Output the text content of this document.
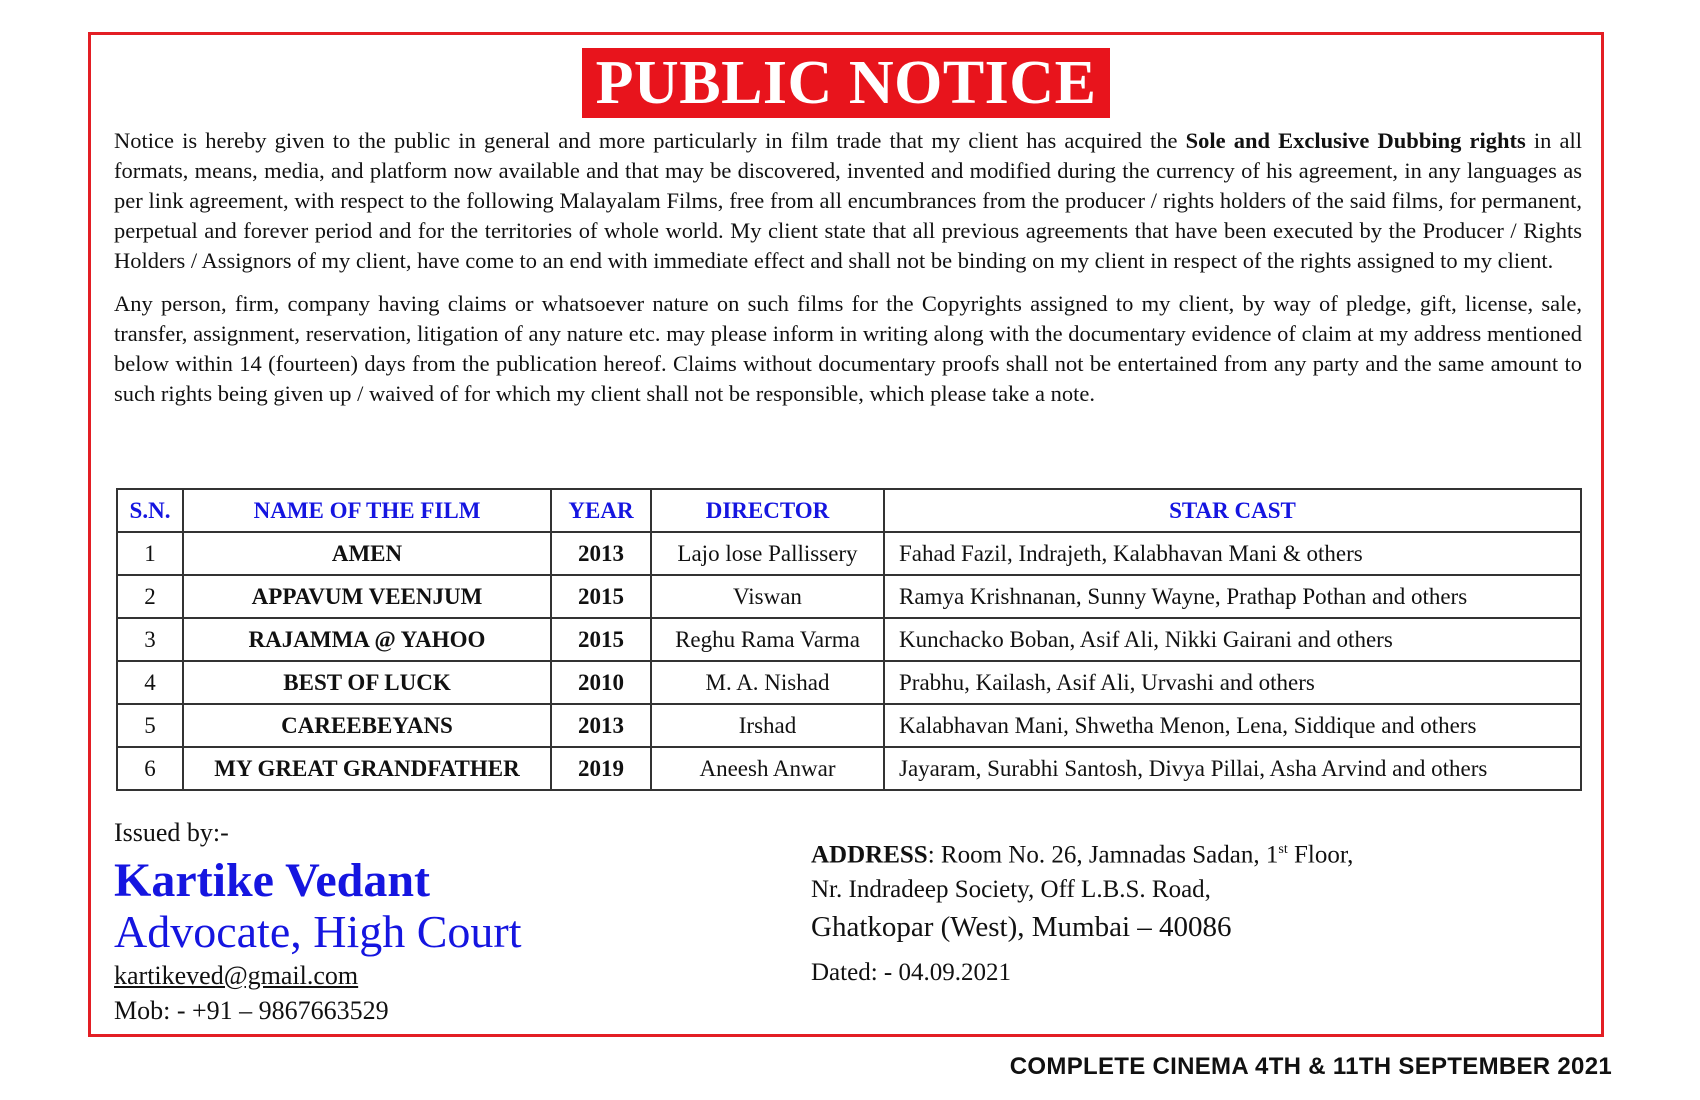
PUBLIC NOTICE

Notice is hereby given to the public in general and more particularly in film trade that my client has acquired the Sole and Exclusive Dubbing rights in all formats, means, media, and platform now available and that may be discovered, invented and modified during the currency of his agreement, in any languages as per link agreement, with respect to the following Malayalam Films, free from all encumbrances from the producer / rights holders of the said films, for permanent, perpetual and forever period and for the territories of whole world. My client state that all previous agreements that have been executed by the Producer / Rights Holders / Assignors of my client, have come to an end with immediate effect and shall not be binding on my client in respect of the rights assigned to my client.

Any person, firm, company having claims or whatsoever nature on such films for the Copyrights assigned to my client, by way of pledge, gift, license, sale, transfer, assignment, reservation, litigation of any nature etc. may please inform in writing along with the documentary evidence of claim at my address mentioned below within 14 (fourteen) days from the publication hereof. Claims without documentary proofs shall not be entertained from any party and the same amount to such rights being given up / waived of for which my client shall not be responsible, which please take a note.

S.N.	NAME OF THE FILM	YEAR	DIRECTOR	STAR CAST
1	AMEN	2013	Lajo lose Pallissery	Fahad Fazil, Indrajeth, Kalabhavan Mani & others
2	APPAVUM VEENJUM	2015	Viswan	Ramya Krishnanan, Sunny Wayne, Prathap Pothan and others
3	RAJAMMA @ YAHOO	2015	Reghu Rama Varma	Kunchacko Boban, Asif Ali, Nikki Gairani and others
4	BEST OF LUCK	2010	M. A. Nishad	Prabhu, Kailash, Asif Ali, Urvashi and others
5	CAREEBEYANS	2013	Irshad	Kalabhavan Mani, Shwetha Menon, Lena, Siddique and others
6	MY GREAT GRANDFATHER	2019	Aneesh Anwar	Jayaram, Surabhi Santosh, Divya Pillai, Asha Arvind and others
Issued by:-
Kartike Vedant
Advocate, High Court
kartikeved@gmail.com
Mob: - +91 – 9867663529
ADDRESS: Room No. 26, Jamnadas Sadan, 1st Floor,
Nr. Indradeep Society, Off L.B.S. Road,
Ghatkopar (West), Mumbai – 40086
Dated: - 04.09.2021
COMPLETE CINEMA 4TH & 11TH SEPTEMBER 2021
